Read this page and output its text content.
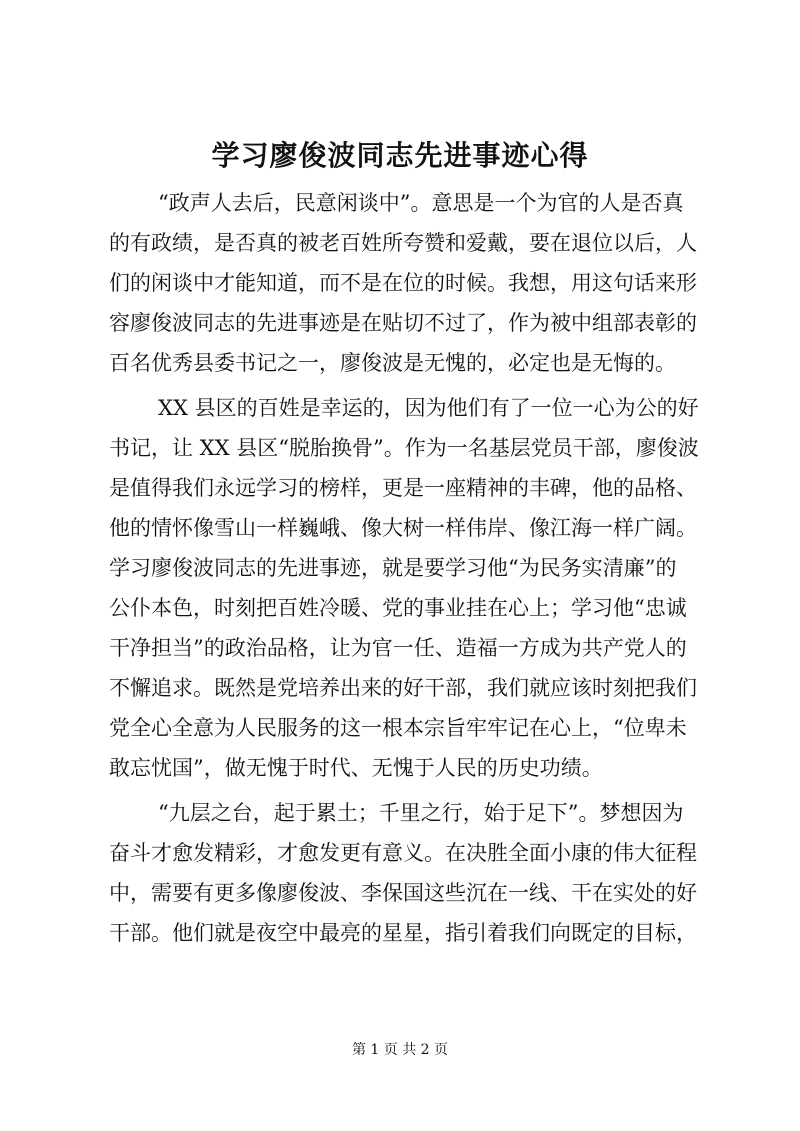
学习廖俊波同志先进事迹心得
“政声人去后，民意闲谈中”。意思是一个为官的人是否真
的有政绩，是否真的被老百姓所夸赞和爱戴，要在退位以后，人
们的闲谈中才能知道，而不是在位的时候。我想，用这句话来形
容廖俊波同志的先进事迹是在贴切不过了，作为被中组部表彰的
百名优秀县委书记之一，廖俊波是无愧的，必定也是无悔的。
XX 县区的百姓是幸运的，因为他们有了一位一心为公的好
书记，让 XX 县区“脱胎换骨”。作为一名基层党员干部，廖俊波
是值得我们永远学习的榜样，更是一座精神的丰碑，他的品格、
他的情怀像雪山一样巍峨、像大树一样伟岸、像江海一样广阔。
学习廖俊波同志的先进事迹，就是要学习他“为民务实清廉”的
公仆本色，时刻把百姓冷暖、党的事业挂在心上；学习他“忠诚
干净担当”的政治品格，让为官一任、造福一方成为共产党人的
不懈追求。既然是党培养出来的好干部，我们就应该时刻把我们
党全心全意为人民服务的这一根本宗旨牢牢记在心上，“位卑未
敢忘忧国”，做无愧于时代、无愧于人民的历史功绩。
“九层之台，起于累土；千里之行，始于足下”。梦想因为
奋斗才愈发精彩，才愈发更有意义。在决胜全面小康的伟大征程
中，需要有更多像廖俊波、李保国这些沉在一线、干在实处的好
干部。他们就是夜空中最亮的星星，指引着我们向既定的目标，
第 1 页 共 2 页
